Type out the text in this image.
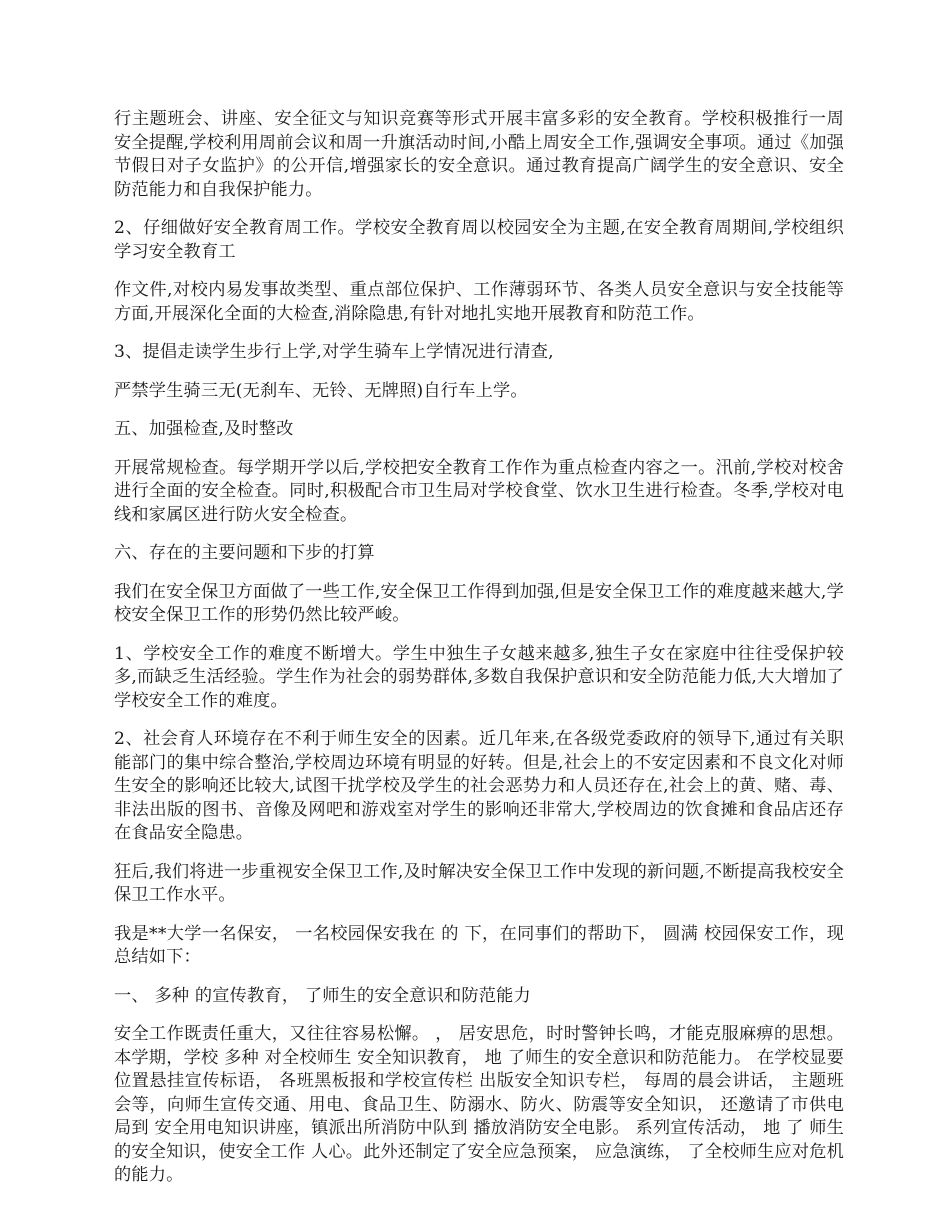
行主题班会、讲座、安全征文与知识竞赛等形式开展丰富多彩的安全教育。学校积极推行一周安全提醒,学校利用周前会议和周一升旗活动时间,小酷上周安全工作,强调安全事项。通过《加强节假日对子女监护》的公开信,增强家长的安全意识。通过教育提高广阔学生的安全意识、安全防范能力和自我保护能力。

2、仔细做好安全教育周工作。学校安全教育周以校园安全为主题,在安全教育周期间,学校组织学习安全教育工

作文件,对校内易发事故类型、重点部位保护、工作薄弱环节、各类人员安全意识与安全技能等方面,开展深化全面的大检查,消除隐患,有针对地扎实地开展教育和防范工作。

3、提倡走读学生步行上学,对学生骑车上学情况进行清查,

严禁学生骑三无(无刹车、无铃、无牌照)自行车上学。

五、加强检查,及时整改

开展常规检查。每学期开学以后,学校把安全教育工作作为重点检查内容之一。汛前,学校对校舍进行全面的安全检查。同时,积极配合市卫生局对学校食堂、饮水卫生进行检查。冬季,学校对电线和家属区进行防火安全检查。

六、存在的主要问题和下步的打算

我们在安全保卫方面做了一些工作,安全保卫工作得到加强,但是安全保卫工作的难度越来越大,学校安全保卫工作的形势仍然比较严峻。

1、学校安全工作的难度不断增大。学生中独生子女越来越多,独生子女在家庭中往往受保护较多,而缺乏生活经验。学生作为社会的弱势群体,多数自我保护意识和安全防范能力低,大大增加了学校安全工作的难度。

2、社会育人环境存在不利于师生安全的因素。近几年来,在各级党委政府的领导下,通过有关职能部门的集中综合整治,学校周边环境有明显的好转。但是,社会上的不安定因素和不良文化对师生安全的影响还比较大,试图干扰学校及学生的社会恶势力和人员还存在,社会上的黄、赌、毒、非法出版的图书、音像及网吧和游戏室对学生的影响还非常大,学校周边的饮食摊和食品店还存在食品安全隐患。

狂后,我们将进一步重视安全保卫工作,及时解决安全保卫工作中发现的新问题,不断提高我校安全保卫工作水平。

我是**大学一名保安， 一名校园保安我在 的 下，在同事们的帮助下， 圆满 校园保安工作，现总结如下：

一、 多种 的宣传教育， 了师生的安全意识和防范能力

安全工作既责任重大，又往往容易松懈。 ， 居安思危，时时警钟长鸣，才能克服麻痹的思想。本学期，学校 多种 对全校师生 安全知识教育， 地 了师生的安全意识和防范能力。 在学校显要位置悬挂宣传标语， 各班黑板报和学校宣传栏 出版安全知识专栏， 每周的晨会讲话， 主题班会等，向师生宣传交通、用电、食品卫生、防溺水、防火、防震等安全知识， 还邀请了市供电局到 安全用电知识讲座，镇派出所消防中队到 播放消防安全电影。 系列宣传活动， 地 了 师生的安全知识，使安全工作 人心。此外还制定了安全应急预案， 应急演练， 了全校师生应对危机的能力。
